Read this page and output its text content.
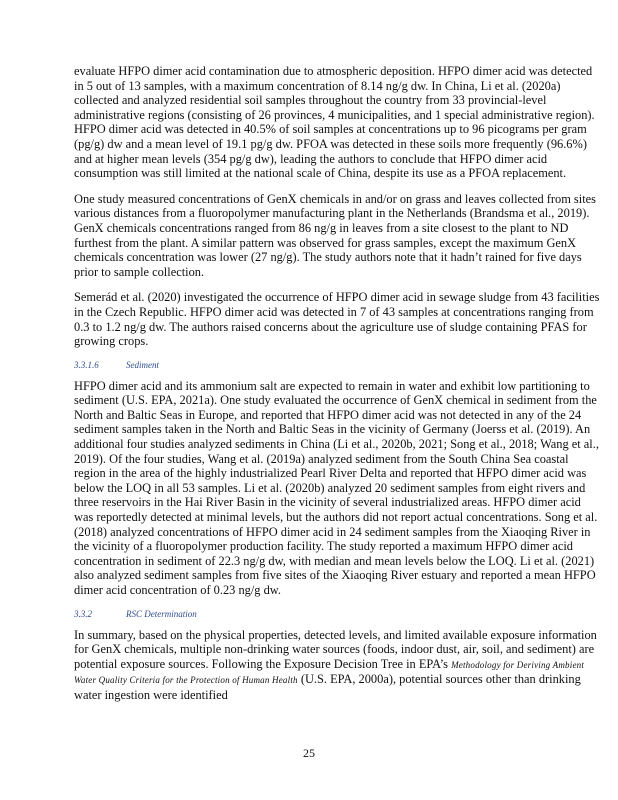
evaluate HFPO dimer acid contamination due to atmospheric deposition. HFPO dimer acid was detected in 5 out of 13 samples, with a maximum concentration of 8.14 ng/g dw. In China, Li et al. (2020a) collected and analyzed residential soil samples throughout the country from 33 provincial-level administrative regions (consisting of 26 provinces, 4 municipalities, and 1 special administrative region). HFPO dimer acid was detected in 40.5% of soil samples at concentrations up to 96 picograms per gram (pg/g) dw and a mean level of 19.1 pg/g dw. PFOA was detected in these soils more frequently (96.6%) and at higher mean levels (354 pg/g dw), leading the authors to conclude that HFPO dimer acid consumption was still limited at the national scale of China, despite its use as a PFOA replacement.

One study measured concentrations of GenX chemicals in and/or on grass and leaves collected from sites various distances from a fluoropolymer manufacturing plant in the Netherlands (Brandsma et al., 2019). GenX chemicals concentrations ranged from 86 ng/g in leaves from a site closest to the plant to ND furthest from the plant. A similar pattern was observed for grass samples, except the maximum GenX chemicals concentration was lower (27 ng/g). The study authors note that it hadn’t rained for five days prior to sample collection.

Semerád et al. (2020) investigated the occurrence of HFPO dimer acid in sewage sludge from 43 facilities in the Czech Republic. HFPO dimer acid was detected in 7 of 43 samples at concentrations ranging from 0.3 to 1.2 ng/g dw. The authors raised concerns about the agriculture use of sludge containing PFAS for growing crops.

3.3.1.6	Sediment

HFPO dimer acid and its ammonium salt are expected to remain in water and exhibit low partitioning to sediment (U.S. EPA, 2021a). One study evaluated the occurrence of GenX chemical in sediment from the North and Baltic Seas in Europe, and reported that HFPO dimer acid was not detected in any of the 24 sediment samples taken in the North and Baltic Seas in the vicinity of Germany (Joerss et al. (2019). An additional four studies analyzed sediments in China (Li et al., 2020b, 2021; Song et al., 2018; Wang et al., 2019). Of the four studies, Wang et al. (2019a) analyzed sediment from the South China Sea coastal region in the area of the highly industrialized Pearl River Delta and reported that HFPO dimer acid was below the LOQ in all 53 samples. Li et al. (2020b) analyzed 20 sediment samples from eight rivers and three reservoirs in the Hai River Basin in the vicinity of several industrialized areas. HFPO dimer acid was reportedly detected at minimal levels, but the authors did not report actual concentrations. Song et al. (2018) analyzed concentrations of HFPO dimer acid in 24 sediment samples from the Xiaoqing River in the vicinity of a fluoropolymer production facility. The study reported a maximum HFPO dimer acid concentration in sediment of 22.3 ng/g dw, with median and mean levels below the LOQ. Li et al. (2021) also analyzed sediment samples from five sites of the Xiaoqing River estuary and reported a mean HFPO dimer acid concentration of 0.23 ng/g dw.

3.3.2	RSC Determination

In summary, based on the physical properties, detected levels, and limited available exposure information for GenX chemicals, multiple non-drinking water sources (foods, indoor dust, air, soil, and sediment) are potential exposure sources. Following the Exposure Decision Tree in EPA’s Methodology for Deriving Ambient Water Quality Criteria for the Protection of Human Health (U.S. EPA, 2000a), potential sources other than drinking water ingestion were identified

25
